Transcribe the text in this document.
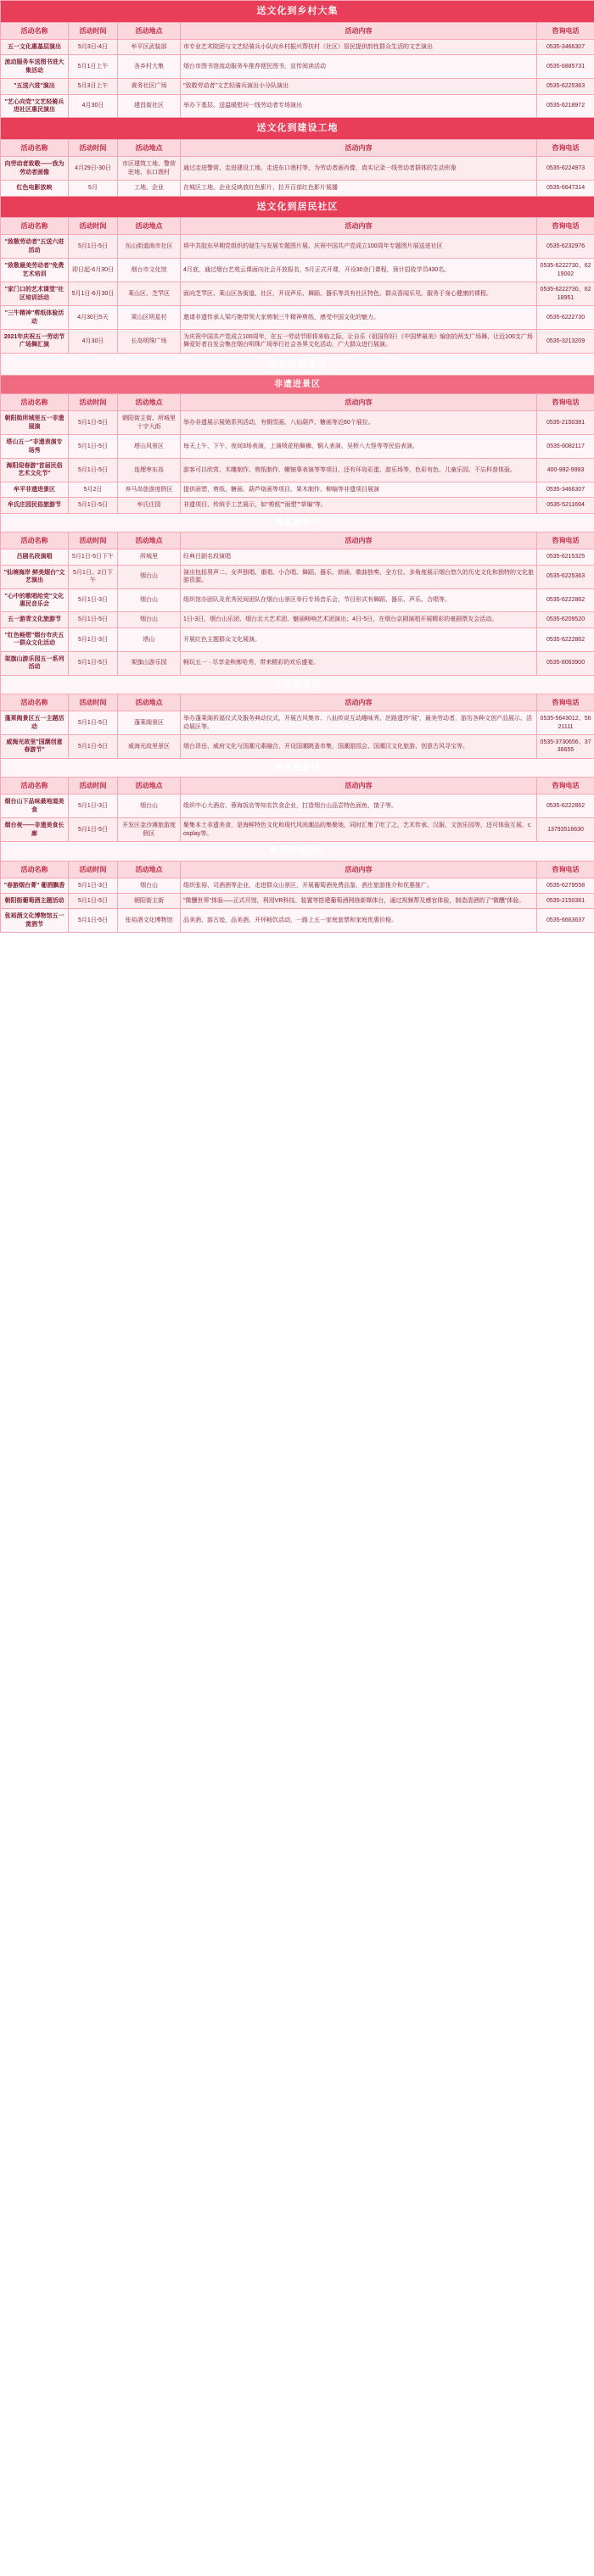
送文化到乡村大集				
活动名称	活动时间	活动地点	活动内容	咨询电话
五一文化惠基层演出	5月3日-4日	牟平区武装部	市专业艺术院团与文艺轻骑兵小队向乡村振兴帮扶村（社区）居民提供韵性群众生活的文艺演出	0535-3466307
流动服务车送图书进大集活动	5月1日上午	各乡村大集	烟台市图书馆流动服务车推荐便民图书，宣传阅读活动	0535-6885731
"五送六进"演出	5月3日上午	黄务社区广场	"致敬劳动者"文艺轻骑兵演出小分队演出	0535-6225363
"艺心向党"文艺轻骑兵进社区惠民演出	4月30日	建昌街社区	举办下基层、送温暖慰问一线劳动者专场演出	0535-6218972
送文化到建设工地				
活动名称	活动时间	活动地点	活动内容	咨询电话
向劳动者致敬——我为劳动者画像	4月29日-30日	市区建筑工地、警营驻地、东口渔村	通过走进警营、走进建设工地、走进东口渔村等，为劳动者画肖像，真实记录一线劳动者群体的生动形象	0535-6224973
红色电影放映	5月	工地、企业	在城区工地、企业反映放红色影片，拉开百部红色影片展播	0535-6647314
送文化到居民社区				
活动名称	活动时间	活动地点	活动内容	咨询电话
"致敬劳动者"五送六进活动	5月1日-5日	东山街道南市社区	将中共胶东早期党组织的诞生与发展专题图片展、庆祝中国共产党成立100周年专题图片展送进社区	0535-6232976
"致敬最美劳动者"免费艺术培训	即日起-6月30日	烟台市文化馆	4月底，通过烟台艺苑云课面向社会开放报名，5月正式开课，开设30余门课程，预计招收学员430名。	0535-6222730、6219002
"家门口的艺术课堂"社区培训活动	5月1日-6月30日	莱山区、芝罘区	面向芝罘区、莱山区各街道、社区，开设声乐、舞蹈、器乐等具有社区特色、群众喜闻乐见、服务于身心健康的课程。	0535-6222730、6218951
"三牛精神"剪纸体验活动	4月30日5天	莱山区明星村	邀请非遗传承人梁巧艳带领大家剪制三牛精神剪纸，感受中国文化的魅力。	0535-6222730
2021年庆祝五一劳动节广场舞汇演	4月30日	长岛明珠广场	为庆祝中国共产党成立100周年，在五一劳动节即将来临之际，让自乐（祖国你好）《中国梦最美》编创的两支广场舞，让近100支广场舞爱好者自发会集在烟台明珠广场举行社会各界文化活动，广大群众进行展演。	0535-3213209
送文化到景区				
非遗进景区				
活动名称	活动时间	活动地点	活动内容	咨询电话
朝阳街所城里五一非遗展演	5月1日-5日	朝阳街主街、所城里十字大街	举办非遗展示展销系列活动，有铜雪画、八仙葫芦、糖画等近60个展位。	0535-2150381
塔山五一"非遗表演专场秀	5月1日-5日	塔山风景区	每天上午、下午，夜间3场表演，上演喷花柏舞狮、铜人表演、吴桥八大怪等等民俗表演。	0535-6082117
海阳迎春游"首届民俗艺术文化节"	5月1日-5日	连理枣东岛	游客可以欣赏、木雕制作、剪纸制作、螺钿事表演等等项目，还有环岛彩蛋、游乐场等，色彩有色、儿童乐园、不忘科普体验。	400-992-9993
牟平非遗进景区	5月2日	养马岛旅游度假区	提供面塑、剪纸、糖画、葫芦烙画等项目、果木制作、柳编等非遗项目展演	0535-3466307
牟氏庄园民俗旅游节	5月1日-5日	牟氏庄园	非遗项目、传统手工艺展示，如"剪纸""面塑""草编"等。	0535-5211694
演艺进景区				
活动名称	活动时间	活动地点	活动内容	咨询电话
吕剧名段演唱	5月1日-5日下午	所城里	经典吕剧名段演唱	0535-6215325
"仙境海岸 鲜美烟台"文艺演出	5月1日、2日下午	烟台山	演出包括男声二、女声独唱、重唱、小合唱、舞蹈、器乐、朗诵、歌曲独奏、全方位、多角度展示烟台悠久的历史文化和独特的文化旅游资源。	0535-6225363
"心中的歌唱给党"文化惠民音乐会	5月1日-3日	烟台山	组织馆办团队及优秀民间团队在烟台山景区举行专场音乐会，节目形式有舞蹈、器乐、声乐、合唱等。	0535-6222862
五一游青文化旅游节	5月1日-5日	烟台山	1日-3日，烟台山乐团、烟台北大艺术团、魅丽畅响艺术团演出；4日-5日，在烟台京剧演唱开展精彩的豪剧票友会活动。	0535-6209520
"红色畅想"烟台市庆五一群众文化活动	5月1日-3日	塔山	开展红色主题群众文化展演。	0535-6222862
架旗山游乐园五一系列活动	5月1日-5日	架旗山游乐园	畅玩五一 · 尽享金秋嘭哈秀，带来精彩的欢乐盛宴。	0535-8063900
文创进景区				
活动名称	活动时间	活动地点	活动内容	咨询电话
蓬莱阁景区五一主题活动	5月1日-5日	蓬莱阁景区	举办蓬莱阁祈福仪式及服务典动仪式，开展古风集市、八仙传说互动趣味秀、丝路遗珍"展"，最美劳动者，游历各种文创产品展示、活动展区等。	0535-5643012、5621111
威海光故里"国潮创意春游节"	5月1日-5日	威海光故里景区	烟台昂岳、威府文化与国潮元素融合，开设国潮跳蚤市集，国潮游园会、国潮汉文化旅游、创意古风寻宝等。	0535-3730656、3736655
美食进景区				
活动名称	活动时间	活动地点	活动内容	咨询电话
烟台山下品味最地道美食	5月1日-3日	烟台山	组织中心大酒店、蓉海饭店等知名饮食企业，打造烟台山品尝特色面鱼、馇子等。	0535-6222862
烟台夜——非遗美食长廊	5月1日-5日	开发区金沙滩旅游度假区	聚集本土非遗美食，是海鲜特色文化和现代风尚潮品的集聚地，同时汇集了吃了之、艺术传承、汉服、文创乐园等，还可体验互展、cosplay等。	13793516630
葡萄酒进景区				
活动名称	活动时间	活动地点	活动内容	咨询电话
"春游烟台菁" 葡酒飘香	5月1日-3日	烟台山	组织张裕、司酒酒等企业，走进群众山景区，开展葡萄酒免费品鉴、酒庄旅游推介和优惠推广。	0535-6279558
朝阳街葡萄酒主题活动	5月1日-5日	朝阳街主街	"微醺世界"体验–––正式开馆，利用VR科技、装置等搭建葡萄酒网络新媒体台，通过视频帮及感官体验，制造清酒的了"微醺"体验。	0535-2150381
张裕酒文化博物馆五一赏酒节	5月1日-5日	张裕酒文化博物馆	品美酒、游古迹，品美酒，开怀畅饮活动，一路上五一家庭套票和家庭优惠价格。	0535-6663637
